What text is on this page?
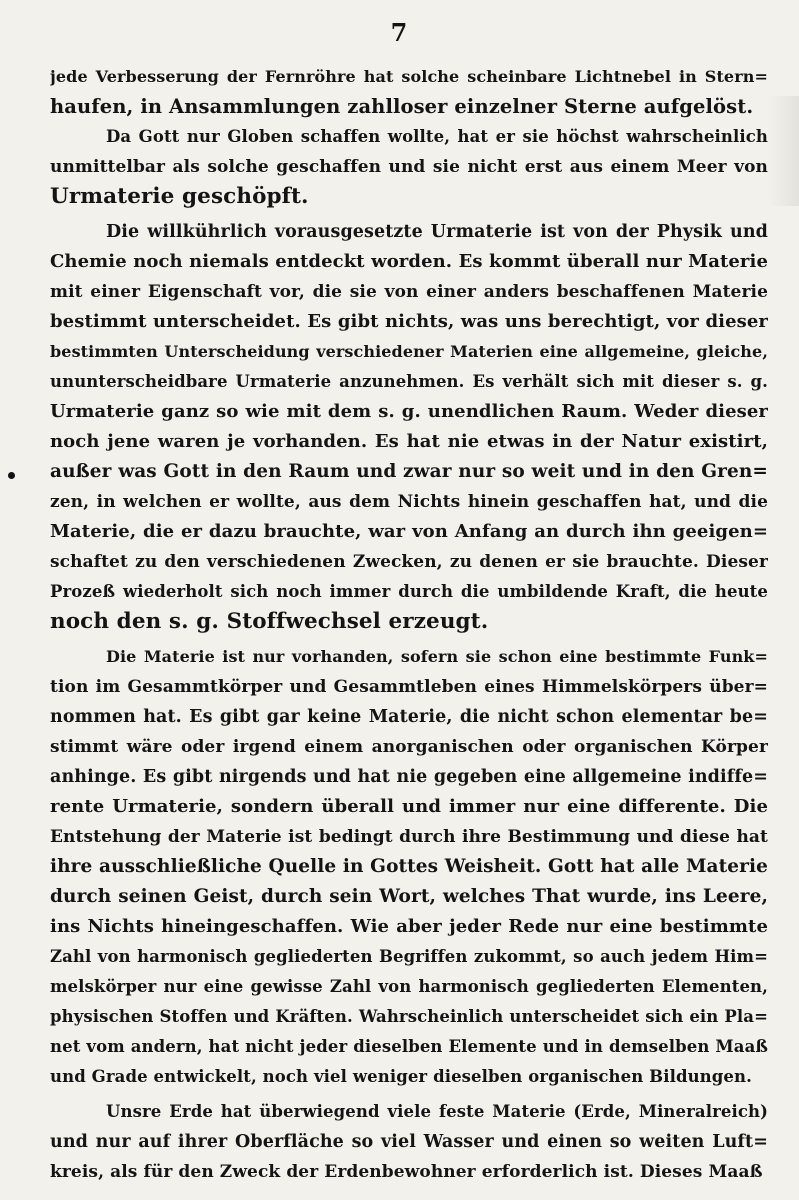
7
jede Verbesserung der Fernröhre hat solche scheinbare Lichtnebel in Stern=
haufen, in Ansammlungen zahlloser einzelner Sterne aufgelöst.
Da Gott nur Globen schaffen wollte, hat er sie höchst wahrscheinlich
unmittelbar als solche geschaffen und sie nicht erst aus einem Meer von
Urmaterie geschöpft.
Die willkührlich vorausgesetzte Urmaterie ist von der Physik und
Chemie noch niemals entdeckt worden. Es kommt überall nur Materie
mit einer Eigenschaft vor, die sie von einer anders beschaffenen Materie
bestimmt unterscheidet. Es gibt nichts, was uns berechtigt, vor dieser
bestimmten Unterscheidung verschiedener Materien eine allgemeine, gleiche,
ununterscheidbare Urmaterie anzunehmen. Es verhält sich mit dieser s. g.
Urmaterie ganz so wie mit dem s. g. unendlichen Raum. Weder dieser
noch jene waren je vorhanden. Es hat nie etwas in der Natur existirt,
außer was Gott in den Raum und zwar nur so weit und in den Gren=
zen, in welchen er wollte, aus dem Nichts hinein geschaffen hat, und die
Materie, die er dazu brauchte, war von Anfang an durch ihn geeigen=
schaftet zu den verschiedenen Zwecken, zu denen er sie brauchte. Dieser
Prozeß wiederholt sich noch immer durch die umbildende Kraft, die heute
noch den s. g. Stoffwechsel erzeugt.
Die Materie ist nur vorhanden, sofern sie schon eine bestimmte Funk=
tion im Gesammtkörper und Gesammtleben eines Himmelskörpers über=
nommen hat. Es gibt gar keine Materie, die nicht schon elementar be=
stimmt wäre oder irgend einem anorganischen oder organischen Körper
anhinge. Es gibt nirgends und hat nie gegeben eine allgemeine indiffe=
rente Urmaterie, sondern überall und immer nur eine differente. Die
Entstehung der Materie ist bedingt durch ihre Bestimmung und diese hat
ihre ausschließliche Quelle in Gottes Weisheit. Gott hat alle Materie
durch seinen Geist, durch sein Wort, welches That wurde, ins Leere,
ins Nichts hineingeschaffen. Wie aber jeder Rede nur eine bestimmte
Zahl von harmonisch gegliederten Begriffen zukommt, so auch jedem Him=
melskörper nur eine gewisse Zahl von harmonisch gegliederten Elementen,
physischen Stoffen und Kräften. Wahrscheinlich unterscheidet sich ein Pla=
net vom andern, hat nicht jeder dieselben Elemente und in demselben Maaß
und Grade entwickelt, noch viel weniger dieselben organischen Bildungen.
Unsre Erde hat überwiegend viele feste Materie (Erde, Mineralreich)
und nur auf ihrer Oberfläche so viel Wasser und einen so weiten Luft=
kreis, als für den Zweck der Erdenbewohner erforderlich ist. Dieses Maaß
